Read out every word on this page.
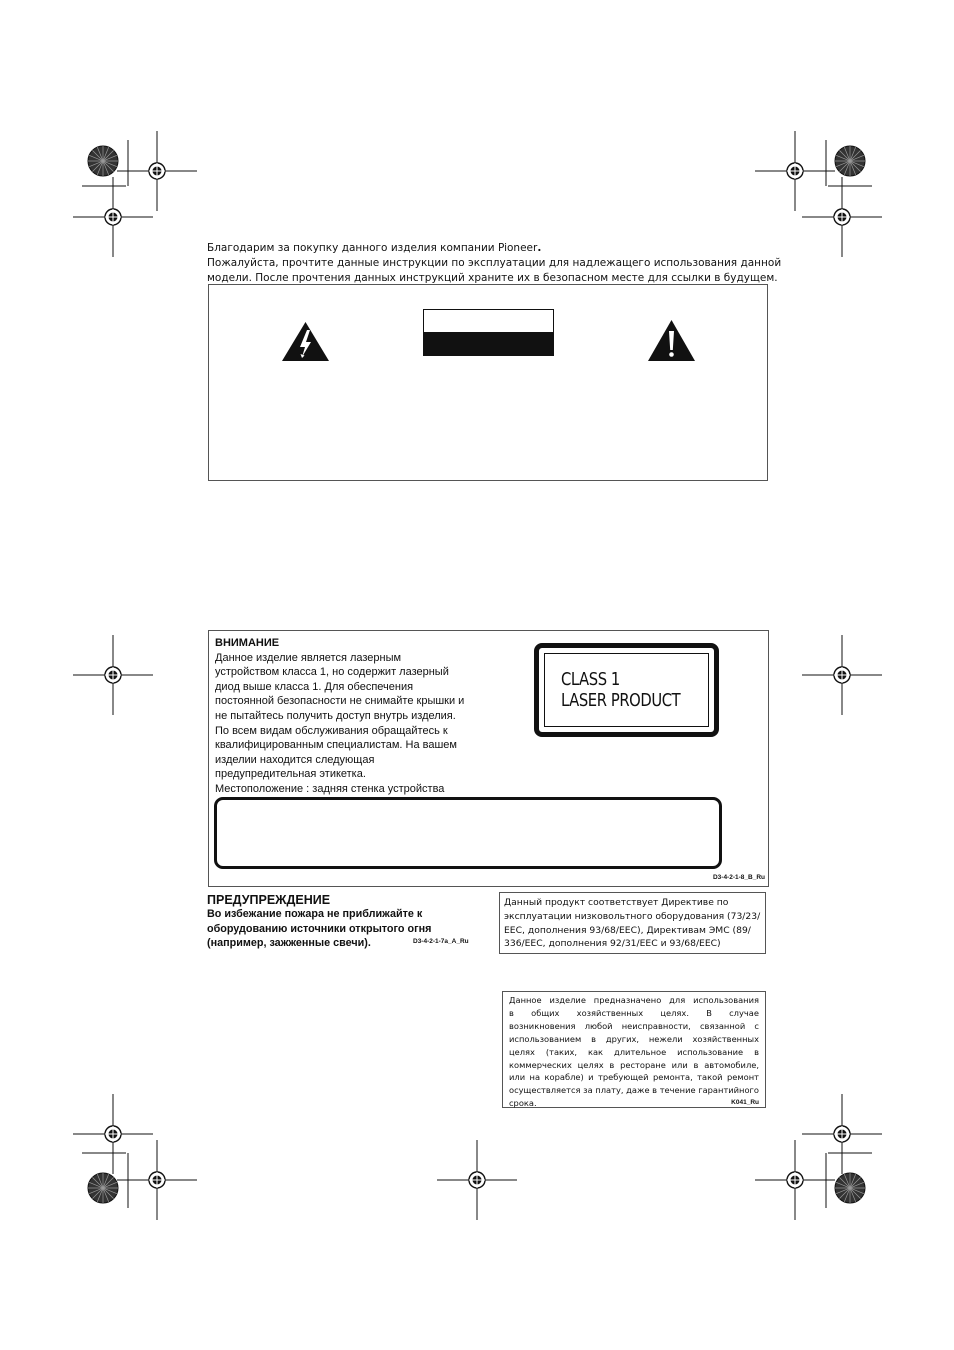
Благодарим за покупку данного изделия компании Pioneer.

Пожалуйста, прочтите данные инструкции по эксплуатации для надлежащего использования данной

модели. После прочтения данных инструкций храните их в безопасном месте для ссылки в будущем.

ВНИМАНИЕ
Данное изделие является лазерным
устройством класса 1, но содержит лазерный
диод выше класса 1. Для обеспечения
постоянной безопасности не снимайте крышки и
не пытайтесь получить доступ внутрь изделия.
По всем видам обслуживания обращайтесь к
квалифицированным специалистам. На вашем
изделии находится следующая
предупредительная этикетка.
Местоположение : задняя стенка устройства
CLASS 1
LASER PRODUCT
D3-4-2-1-8_B_Ru
ПРЕДУПРЕЖДЕНИЕ
Во избежание пожара не приближайте к
оборудованию источники открытого огня
(например, зажженные свечи).	D3-4-2-1-7a_A_Ru
Данный продукт соответствует Директиве по
эксплуатации низковольтного оборудования (73/23/
EEC, дополнения 93/68/EEC), Директивам ЭМС (89/
336/EEC, дополнения 92/31/EEC и 93/68/EEC)
Данное изделие предназначено для использования
в общих хозяйственных целях. В случае
возникновения любой неисправности, связанной с
использованием в других, нежели хозяйственных
целях (таких, как длительное использование в
коммерческих целях в ресторане или в автомобиле,
или на корабле) и требующей ремонта, такой ремонт
осуществляется за плату, даже в течение гарантийного
срока.	K041_Ru
